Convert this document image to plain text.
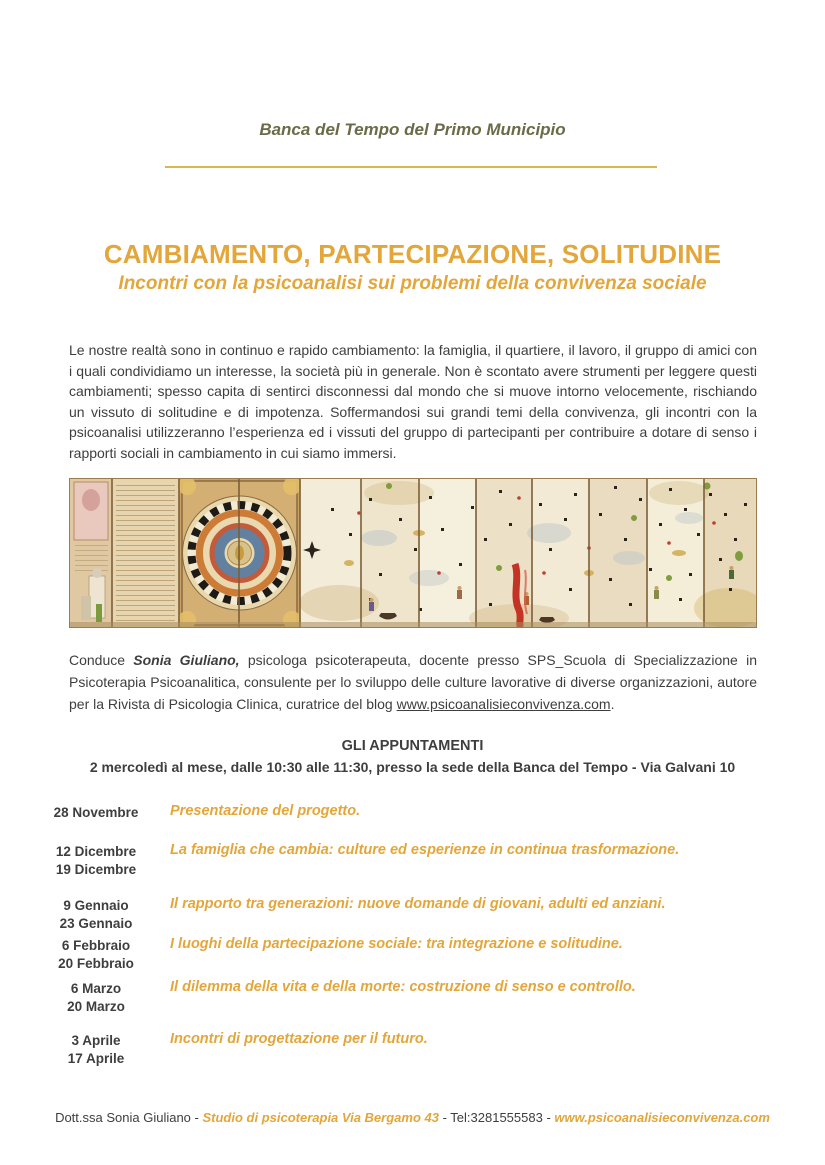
Banca del Tempo del Primo Municipio
CAMBIAMENTO, PARTECIPAZIONE, SOLITUDINE
Incontri con la psicoanalisi sui problemi della convivenza sociale

Le nostre realtà sono in continuo e rapido cambiamento: la famiglia, il quartiere, il lavoro, il gruppo di amici con i quali condividiamo un interesse, la società più in generale. Non è scontato avere strumenti per leggere questi cambiamenti; spesso capita di sentirci disconnessi dal mondo che si muove intorno velocemente, rischiando un vissuto di solitudine e di impotenza. Soffermandosi sui grandi temi della convivenza, gli incontri con la psicoanalisi utilizzeranno l’esperienza ed i vissuti del gruppo di partecipanti per contribuire a dotare di senso i rapporti sociali in cambiamento in cui siamo immersi.

Conduce Sonia Giuliano, psicologa psicoterapeuta, docente presso SPS_Scuola di Specializzazione in Psicoterapia Psicoanalitica, consulente per lo sviluppo delle culture lavorative di diverse organizzazioni, autore per la Rivista di Psicologia Clinica, curatrice del blog www.psicoanalisieconvivenza.com.

GLI APPUNTAMENTI
2 mercoledì al mese, dalle 10:30 alle 11:30, presso la sede della Banca del Tempo - Via Galvani 10
28 Novembre	Presentazione del progetto.
12 Dicembre
19 Dicembre
La famiglia che cambia: culture ed esperienze in continua trasformazione.
9 Gennaio
23 Gennaio
Il rapporto tra generazioni: nuove domande di giovani, adulti ed anziani.
6 Febbraio
20 Febbraio
I luoghi della partecipazione sociale: tra integrazione e solitudine.
6 Marzo
20 Marzo
Il dilemma della vita e della morte: costruzione di senso e controllo.
3 Aprile
17 Aprile
Incontri di progettazione per il futuro.
Dott.ssa Sonia Giuliano - Studio di psicoterapia Via Bergamo 43 - Tel:3281555583 - www.psicoanalisieconvivenza.com
